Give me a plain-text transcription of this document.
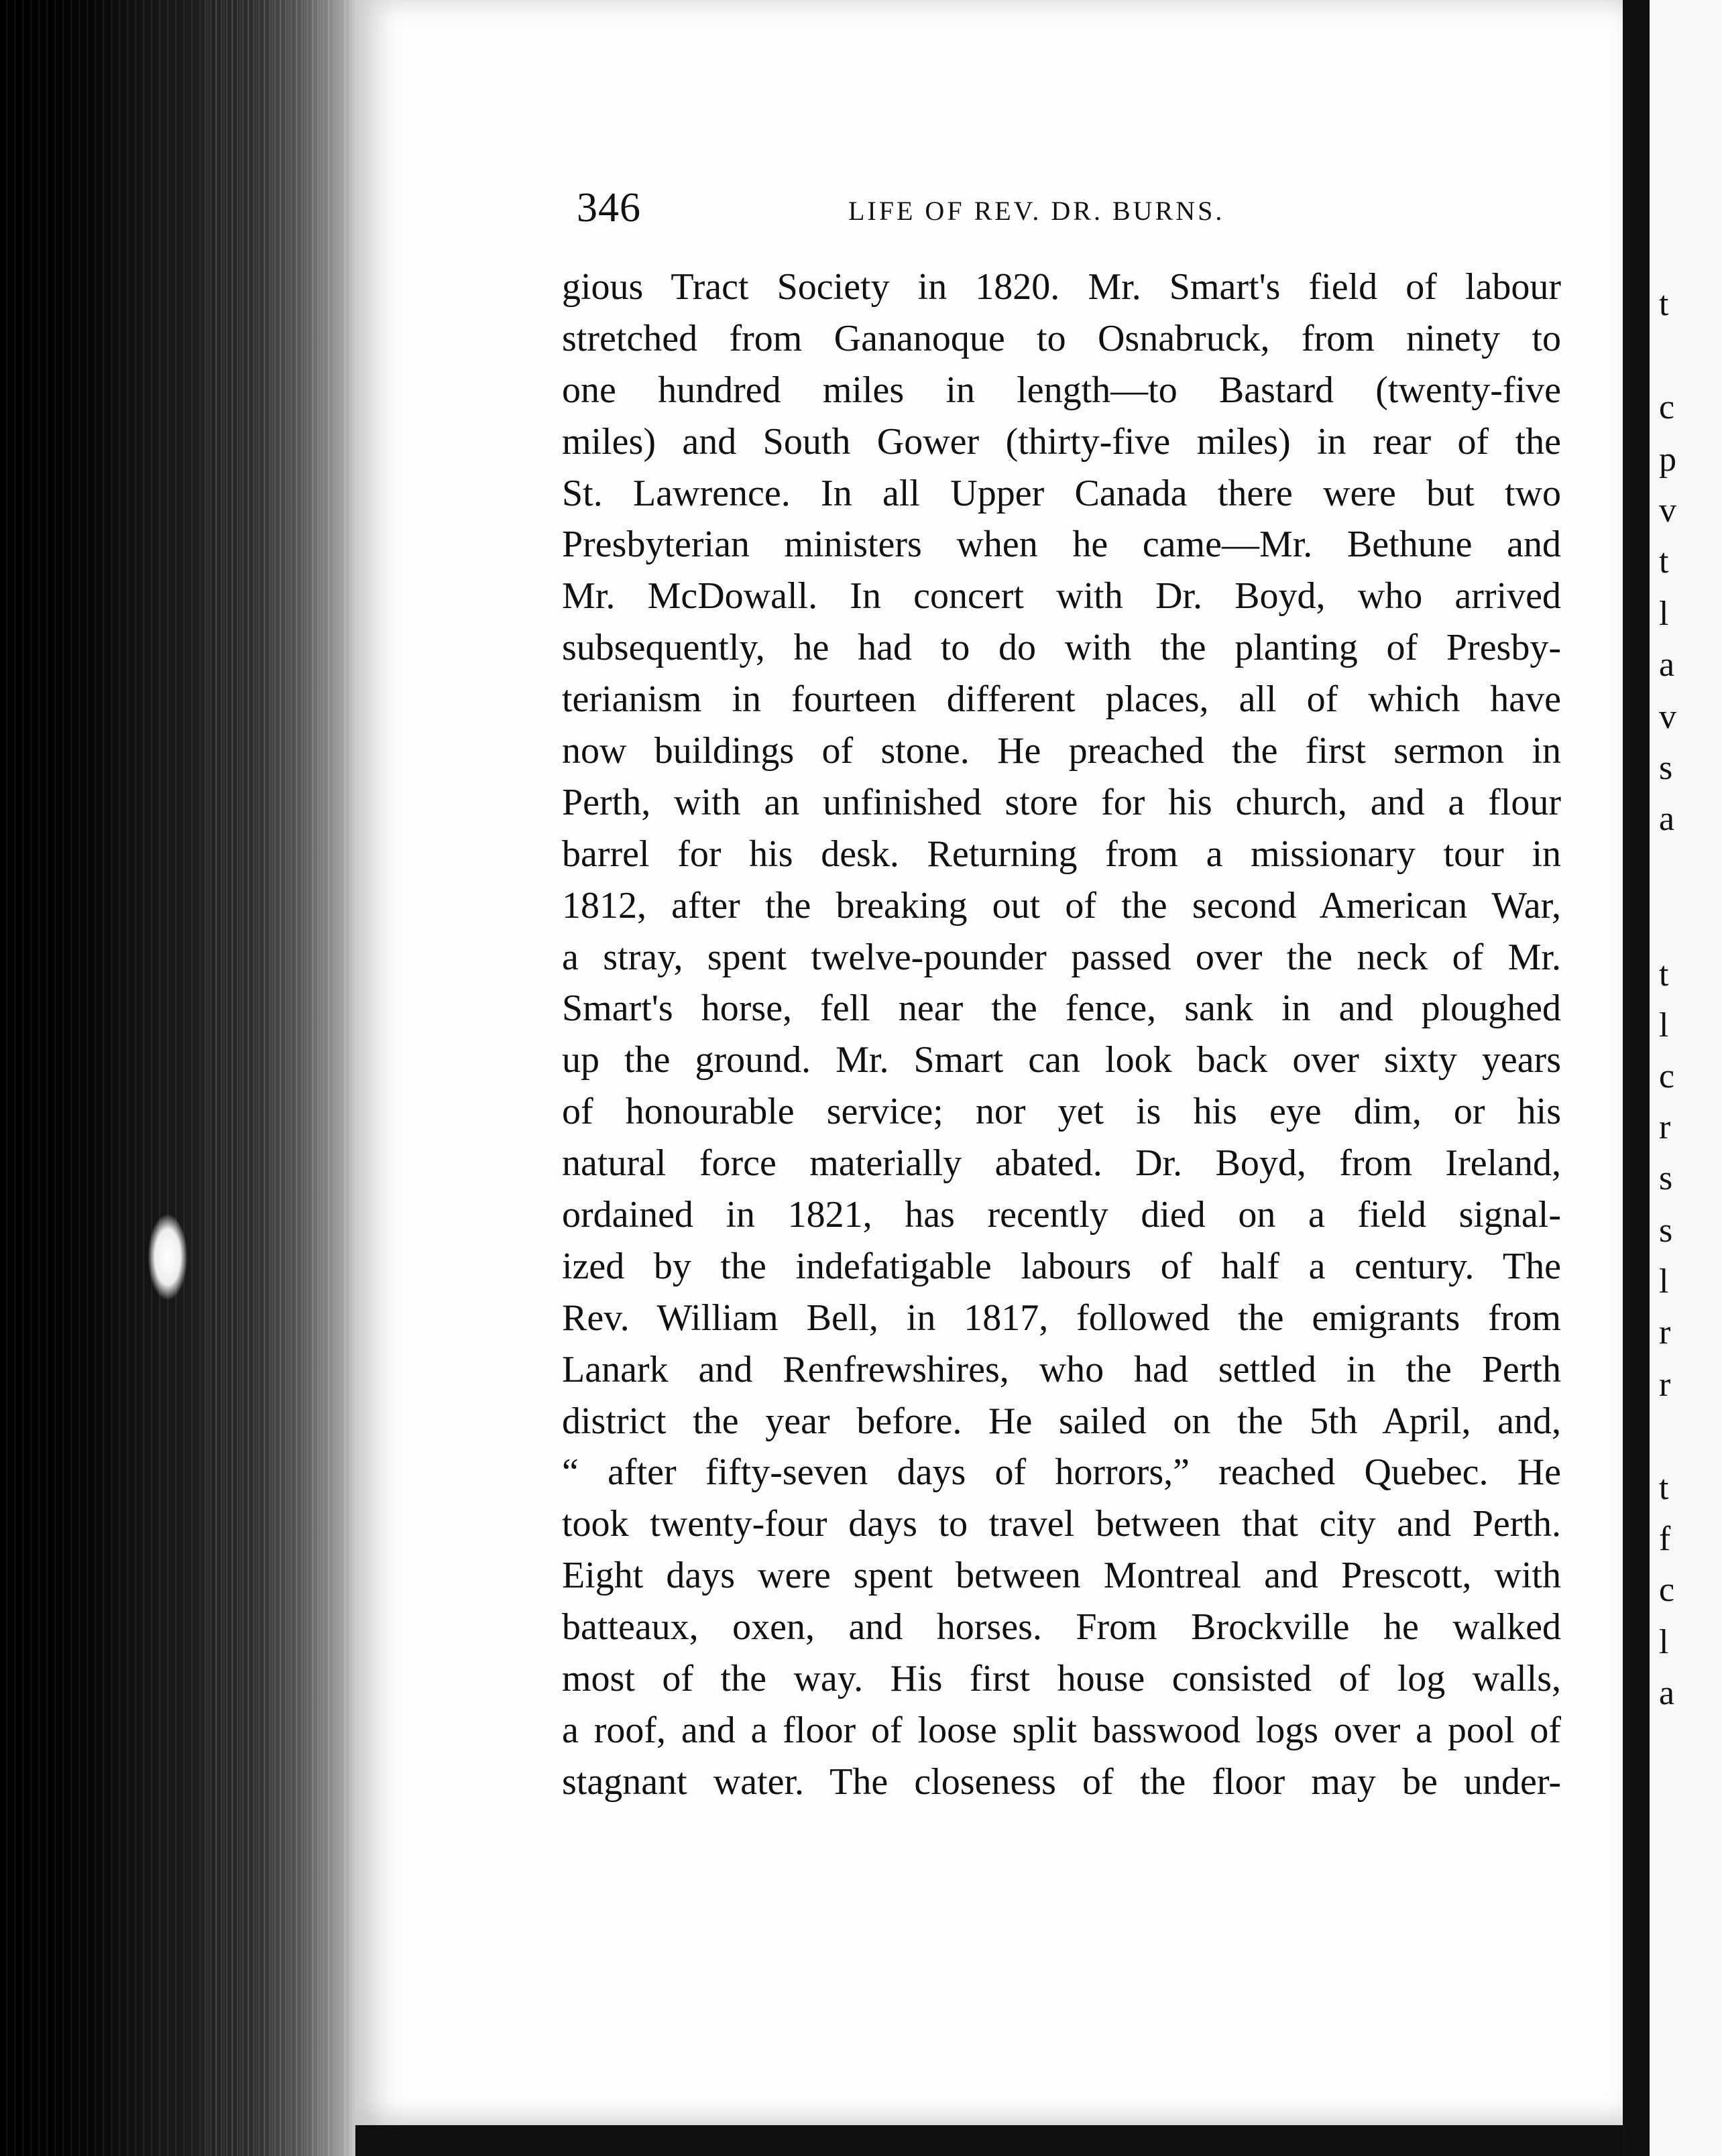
346	LIFE OF REV. DR. BURNS.
gious Tract Society in 1820. Mr. Smart's field of labour
stretched from Gananoque to Osnabruck, from ninety to
one hundred miles in length—to Bastard (twenty-five
miles) and South Gower (thirty-five miles) in rear of the
St. Lawrence. In all Upper Canada there were but two
Presbyterian ministers when he came—Mr. Bethune and
Mr. McDowall. In concert with Dr. Boyd, who arrived
subsequently, he had to do with the planting of Presby-
terianism in fourteen different places, all of which have
now buildings of stone. He preached the first sermon in
Perth, with an unfinished store for his church, and a flour
barrel for his desk. Returning from a missionary tour in
1812, after the breaking out of the second American War,
a stray, spent twelve-pounder passed over the neck of Mr.
Smart's horse, fell near the fence, sank in and ploughed
up the ground. Mr. Smart can look back over sixty years
of honourable service; nor yet is his eye dim, or his
natural force materially abated. Dr. Boyd, from Ireland,
ordained in 1821, has recently died on a field signal-
ized by the indefatigable labours of half a century. The
Rev. William Bell, in 1817, followed the emigrants from
Lanark and Renfrewshires, who had settled in the Perth
district the year before. He sailed on the 5th April, and,
“ after fifty-seven days of horrors,” reached Quebec. He
took twenty-four days to travel between that city and Perth.
Eight days were spent between Montreal and Prescott, with
batteaux, oxen, and horses. From Brockville he walked
most of the way. His first house consisted of log walls,
a roof, and a floor of loose split basswood logs over a pool of
stagnant water. The closeness of the floor may be under-
t
c
p
v
t
l
a
v
s
a
t
l
c
r
s
s
l
r
r
t
f
c
l
a
